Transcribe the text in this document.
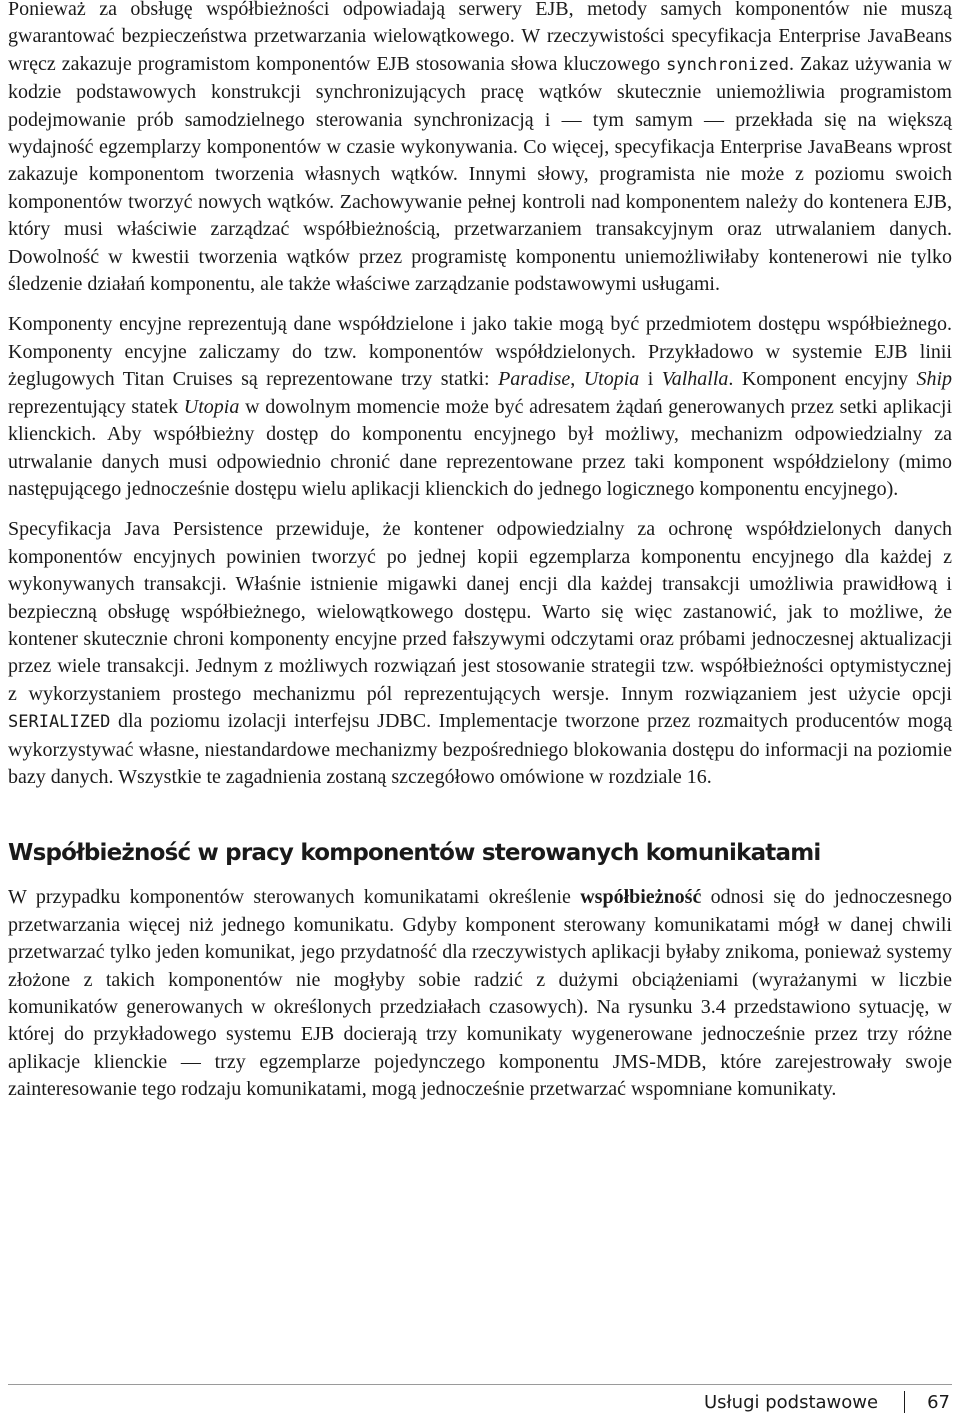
Ponieważ za obsługę współbieżności odpowiadają serwery EJB, metody samych komponentów nie muszą gwarantować bezpieczeństwa przetwarzania wielowątkowego. W rzeczywistości specyfikacja Enterprise JavaBeans wręcz zakazuje programistom komponentów EJB stosowania słowa kluczowego synchronized. Zakaz używania w kodzie podstawowych konstrukcji synchronizujących pracę wątków skutecznie uniemożliwia programistom podejmowanie prób samodzielnego sterowania synchronizacją i — tym samym — przekłada się na większą wydajność egzemplarzy komponentów w czasie wykonywania. Co więcej, specyfikacja Enterprise JavaBeans wprost zakazuje komponentom tworzenia własnych wątków. Innymi słowy, programista nie może z poziomu swoich komponentów tworzyć nowych wątków. Zachowywanie pełnej kontroli nad komponentem należy do kontenera EJB, który musi właściwie zarządzać współbieżnością, przetwarzaniem transakcyjnym oraz utrwalaniem danych. Dowolność w kwestii tworzenia wątków przez programistę komponentu uniemożliwiłaby kontenerowi nie tylko śledzenie działań komponentu, ale także właściwe zarządzanie podstawowymi usługami.

Komponenty encyjne reprezentują dane współdzielone i jako takie mogą być przedmiotem dostępu współbieżnego. Komponenty encyjne zaliczamy do tzw. komponentów współdzielonych. Przykładowo w systemie EJB linii żeglugowych Titan Cruises są reprezentowane trzy statki: Paradise, Utopia i Valhalla. Komponent encyjny Ship reprezentujący statek Utopia w dowolnym momencie może być adresatem żądań generowanych przez setki aplikacji klienckich. Aby współbieżny dostęp do komponentu encyjnego był możliwy, mechanizm odpowiedzialny za utrwalanie danych musi odpowiednio chronić dane reprezentowane przez taki komponent współdzielony (mimo następującego jednocześnie dostępu wielu aplikacji klienckich do jednego logicznego komponentu encyjnego).

Specyfikacja Java Persistence przewiduje, że kontener odpowiedzialny za ochronę współdzielonych danych komponentów encyjnych powinien tworzyć po jednej kopii egzemplarza komponentu encyjnego dla każdej z wykonywanych transakcji. Właśnie istnienie migawki danej encji dla każdej transakcji umożliwia prawidłową i bezpieczną obsługę współbieżnego, wielowątkowego dostępu. Warto się więc zastanowić, jak to możliwe, że kontener skutecznie chroni komponenty encyjne przed fałszywymi odczytami oraz próbami jednoczesnej aktualizacji przez wiele transakcji. Jednym z możliwych rozwiązań jest stosowanie strategii tzw. współbieżności optymistycznej z wykorzystaniem prostego mechanizmu pól reprezentujących wersje. Innym rozwiązaniem jest użycie opcji SERIALIZED dla poziomu izolacji interfejsu JDBC. Implementacje tworzone przez rozmaitych producentów mogą wykorzystywać własne, niestandardowe mechanizmy bezpośredniego blokowania dostępu do informacji na poziomie bazy danych. Wszystkie te zagadnienia zostaną szczegółowo omówione w rozdziale 16.

Współbieżność w pracy komponentów sterowanych komunikatami

W przypadku komponentów sterowanych komunikatami określenie współbieżność odnosi się do jednoczesnego przetwarzania więcej niż jednego komunikatu. Gdyby komponent sterowany komunikatami mógł w danej chwili przetwarzać tylko jeden komunikat, jego przydatność dla rzeczywistych aplikacji byłaby znikoma, ponieważ systemy złożone z takich komponentów nie mogłyby sobie radzić z dużymi obciążeniami (wyrażanymi w liczbie komunikatów generowanych w określonych przedziałach czasowych). Na rysunku 3.4 przedstawiono sytuację, w której do przykładowego systemu EJB docierają trzy komunikaty wygenerowane jednocześnie przez trzy różne aplikacje klienckie — trzy egzemplarze pojedynczego komponentu JMS-MDB, które zarejestrowały swoje zainteresowanie tego rodzaju komunikatami, mogą jednocześnie przetwarzać wspomniane komunikaty.

Usługi podstawowe	67
